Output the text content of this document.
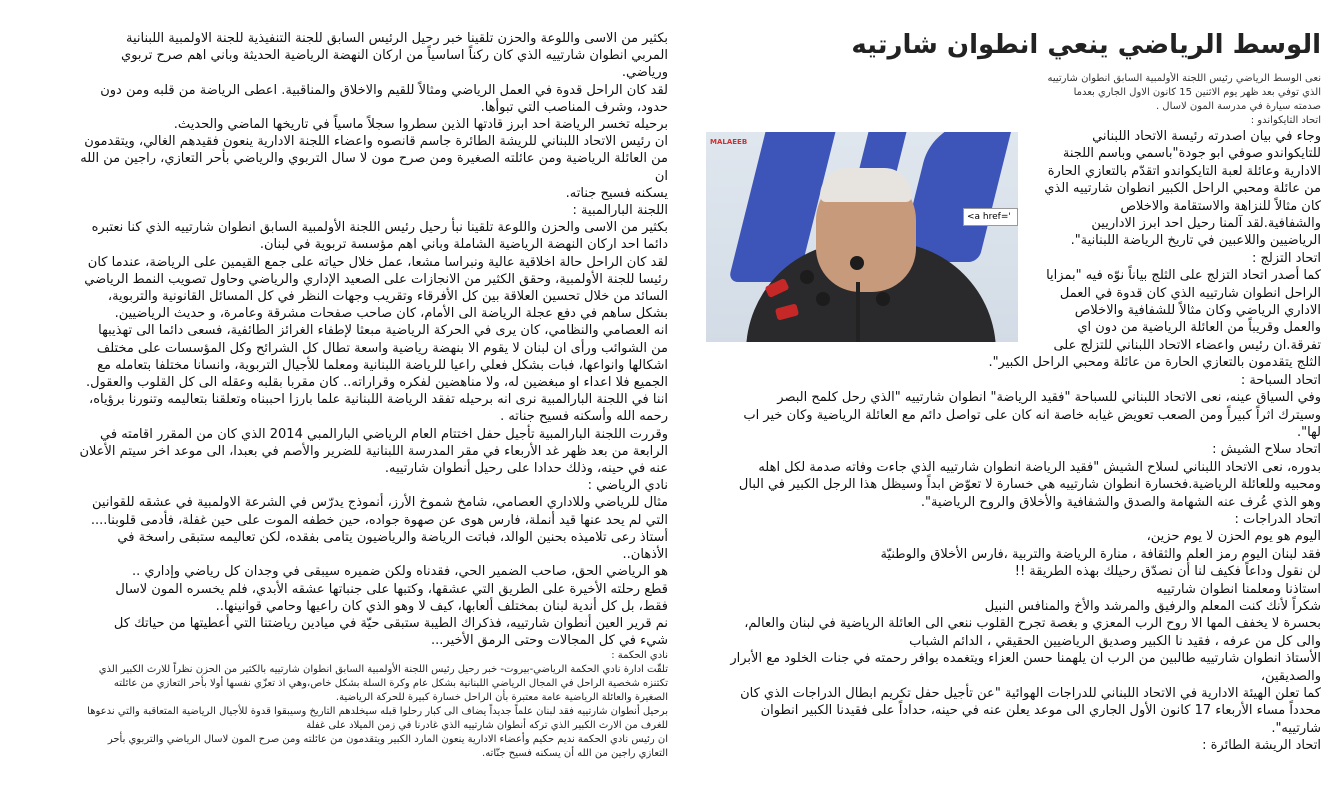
الوسط الرياضي ينعي انطوان شارتيه

نعى الوسط الرياضي رئيس اللجنة الأولمبية السابق انطوان شارتييه

الذي توفي بعد ظهر يوم الاثنين 15 كانون الاول الجاري بعدما

صدمته سيارة في مدرسة المون لاسال .

اتحاد التايكواندو :

MALAEEB
<a href='

وجاء في بيان اصدرته رئيسة الاتحاد اللبناني

للتايكواندو صوفي ابو جودة"باسمي وباسم اللجنة

الادارية وعائلة لعبة التايكواندو اتقدّم بالتعازي الحارة

من عائلة ومحبي الراحل الكبير انطوان شارتييه الذي

كان مثالاً للنزاهة والاستقامة والاخلاص

والشفافية.لقد آلمنا رحيل احد ابرز الاداريين

الرياضيين واللاعبين في تاريخ الرياضة اللبنانية".

اتحاد التزلج :

كما أصدر اتحاد التزلج على الثلج بياناً نوّه فيه "بمزايا

الراحل انطوان شارتييه الذي كان قدوة في العمل

الاداري الرياضي وكان مثالاً للشفافية والاخلاص

والعمل وقريباً من العائلة الرياضية من دون اي

تفرقة.ان رئيس واعضاء الاتحاد اللبناني للتزلج على

الثلج يتقدمون بالتعازي الحارة من عائلة ومحبي الراحل الكبير".

اتحاد السباحة :

وفي السياق عينه، نعى الاتحاد اللبناني للسباحة "فقيد الرياضة" انطوان شارتييه "الذي رحل كلمح البصر

وسيترك اثراً كبيراً ومن الصعب تعويض غيابه خاصة انه كان على تواصل دائم مع العائلة الرياضية وكان خير اب

لها".

اتحاد سلاح الشيش :

بدوره، نعى الاتحاد اللبناني لسلاح الشيش "فقيد الرياضة انطوان شارتييه الذي جاءت وفاته صدمة لكل اهله

ومحبيه وللعائلة الرياضية.فخسارة انطوان شارتييه هي خسارة لا تعوّض ابداً وسيظل هذا الرجل الكبير في البال

وهو الذي عُرف عنه الشهامة والصدق والشفافية والأخلاق والروح الرياضية".

اتحاد الدراجات :

اليوم هو يوم الحزن لا يوم حزين،

فقد لبنان اليوم رمز العلم والثقافة ، منارة الرياضة والتربية ،فارس الأخلاق والوطنيّة

لن نقول وداعاً فكيف لنا أن نصدّق رحيلك بهذه الطريقة !!

استاذنا ومعلمنا انطوان شارتييه

شكراً لأنك كنت المعلم والرفيق والمرشد والأخ والمنافس النبيل

بحسرة لا يخفف المها الا روح الرب المعزي و بغصة تجرح القلوب ننعي الى العائلة الرياضية في لبنان والعالم،

والى كل من عرفه ، فقيد نا الكبير وصديق الرياضيين الحقيقي ، الدائم الشباب

الأستاذ انطوان شارتييه طالبين من الرب ان يلهمنا حسن العزاء ويتغمده بوافر رحمته في جنات الخلود مع الأبرار

والصديقين،

كما تعلن الهيئة الادارية في الاتحاد اللبناني للدراجات الهوائية "عن تأجيل حفل تكريم ابطال الدراجات الذي كان

محدداً مساء الأربعاء 17 كانون الأول الجاري الى موعد يعلن عنه في حينه، حداداً على فقيدنا الكبير انطوان

شارتييه".

اتحاد الريشة الطائرة :

بكثير من الاسى واللوعة والحزن تلقينا خبر رحيل الرئيس السابق للجنة التنفيذية للجنة الاولمبية اللبنانية

المربي انطوان شارتييه الذي كان ركناً اساسياً من اركان النهضة الرياضية الحديثة وباني اهم صرح تربوي

ورياضي.

لقد كان الراحل قدوة في العمل الرياضي ومثالاً للقيم والاخلاق والمناقبية. اعطى الرياضة من قلبه ومن دون

حدود، وشرف المناصب التي تبوأها.

برحيله تخسر الرياضة احد ابرز قادتها الذين سطروا سجلاً ماسياً في تاريخها الماضي والحديث.

ان رئيس الاتحاد اللبناني للريشة الطائرة جاسم قانصوه واعضاء اللجنة الادارية ينعون فقيدهم الغالي، ويتقدمون

من العائلة الرياضية ومن عائلته الصغيرة ومن صرح مون لا سال التربوي والرياضي بأحر التعازي، راجين من الله ان

يسكنه فسيح جناته.

اللجنة البارالمبية :

بكثير من الاسى والحزن واللوعة تلقينا نبأ رحيل رئيس اللجنة الأولمبية السابق انطوان شارتييه الذي كنا نعتبره

دائما احد اركان النهضة الرياضية الشاملة وباني اهم مؤسسة تربوية في لبنان.

لقد كان الراحل حالة اخلاقية عالية ونبراسا مشعا، عمل خلال حياته على جمع القيمين على الرياضة، عندما كان

رئيسا للجنة الأولمبية، وحقق الكثير من الانجازات على الصعيد الإداري والرياضي وحاول تصويب النمط الرياضي

السائد من خلال تحسين العلاقة بين كل الأفرقاء وتقريب وجهات النظر في كل المسائل القانونية والتربوية،

بشكل ساهم في دفع عجلة الرياضة الى الأمام، كان صاحب صفحات مشرقة وعامرة، و حديث الرياضيين.

انه العصامي والنظامي، كان يرى في الحركة الرياضية مبعثا لإطفاء الغرائز الطائفية، فسعى دائما الى تهذيبها

من الشوائب ورأى ان لبنان لا يقوم الا بنهضة رياضية واسعة تطال كل الشرائح وكل المؤسسات على مختلف

اشكالها وانواعها، فبات بشكل فعلي راعيا للرياضة اللبنانية ومعلما للأجيال التربوية، وانسانا مختلفا بتعامله مع

الجميع فلا اعداء او مبغضين له، ولا مناهضين لفكره وقراراته.. كان مقربا بقلبه وعقله الى كل القلوب والعقول.

اننا في اللجنة البارالمبية نرى انه برحيله تفقد الرياضة اللبنانية علما بارزا احببناه وتعلقنا بتعاليمه وتنورنا برؤياه،

رحمه الله وأسكنه فسيح جناته .

وقررت اللجنة البارالمبية تأجيل حفل اختتام العام الرياضي البارالمبي 2014 الذي كان من المقرر اقامته في

الرابعة من بعد ظهر غد الأربعاء في مقر المدرسة اللبنانية للضرير والأصم في بعبدا، الى موعد اخر سيتم الأعلان

عنه في حينه، وذلك حدادا على رحيل أنطوان شارتييه.

نادي الرياضي :

مثال للرياضي وللاداري العصامي، شامخ شموخ الأرز، أنموذج يدرّس في الشرعة الاولمبية في عشقه للقوانين

التي لم يحد عنها قيد أنملة، فارس هوى عن صهوة جواده، حين خطفه الموت على حين غفلة، فأدمى قلوبنا....

أستاذ رعى تلاميذه بحنين الوالد، فباتت الرياضة والرياضيون يتامى بفقده، لكن تعاليمه ستبقى راسخة في

الأذهان..

هو الرياضي الحق، صاحب الضمير الحي، فقدناه ولكن ضميره سيبقى في وجدان كل رياضي وإداري ..

قطع رحلته الأخيرة على الطريق التي عشقها، وكتبها على جنباتها عشقه الأبدي، فلم يخسره المون لاسال

فقط، بل كل أندية لبنان بمختلف ألعابها، كيف لا وهو الذي كان راعيها وحامي قوانينها..

نم قرير العين أنطوان شارتييه، فذكراك الطيبة ستبقى حيّة في ميادين رياضتنا التي أعطيتها من حياتك كل

شيء في كل المجالات وحتى الرمق الأخير...

نادي الحكمة :

تلقّت ادارة نادي الحكمة الرياضي-بيروت- خبر رحيل رئيس اللجنة الأولمبية السابق انطوان شارتييه بالكثير من الحزن نظراً للارث الكبير الذي

تكتنزه شخصية الراحل في المجال الرياضي اللبنانية بشكل عام وكرة السلة بشكل خاص،وهي اذ تعزّي نفسها أولا بأحر التعازي من عائلته

الصغيرة والعائلة الرياضية عامة معتبرة بأن الراحل خسارة كبيرة للحركة الرياضية.

برحيل أنطوان شارتييه فقد لبنان علماً جديداً يضاف الى كبار رحلوا قبله سيخلدهم التاريخ وسيبقوا قدوة للأجيال الرياضية المتعاقبة والتي ندعوها

للغرف من الارث الكبير الذي تركه أنطوان شارتييه الذي غادرنا في زمن الميلاد على غفلة

ان رئيس نادي الحكمة نديم حكيم وأعضاء الادارية ينعون المارد الكبير ويتقدمون من عائلته ومن صرح المون لاسال الرياضي والتربوي بأحر

التعازي راجين من الله أن يسكنه فسيح جنّاته.
